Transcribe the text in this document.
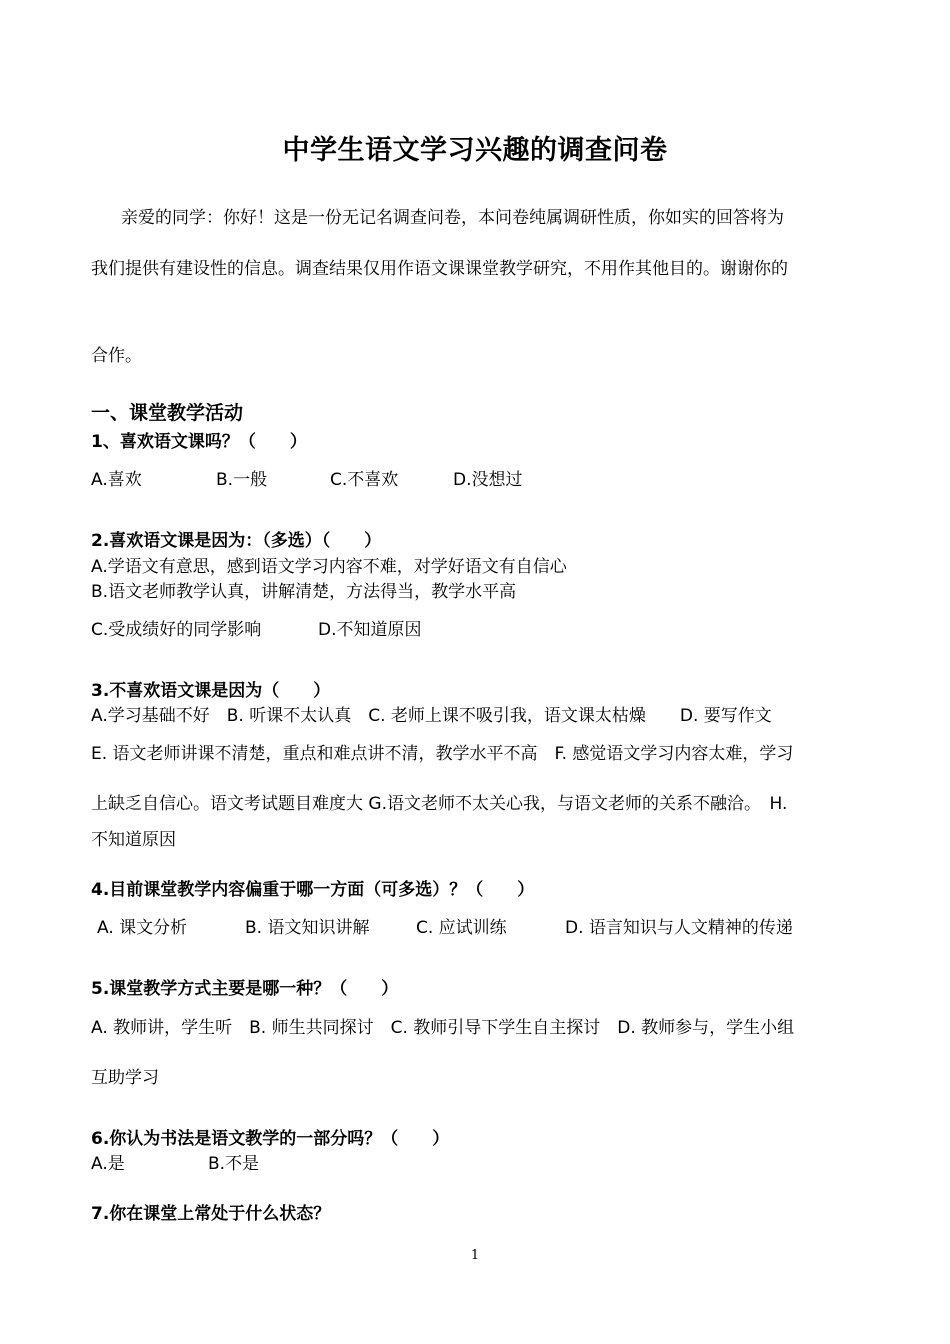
中学生语文学习兴趣的调查问卷
亲爱的同学：你好！这是一份无记名调查问卷，本问卷纯属调研性质，你如实的回答将为
我们提供有建设性的信息。调查结果仅用作语文课课堂教学研究，不用作其他目的。谢谢你的
合作。
一、课堂教学活动
1、喜欢语文课吗？（　　）
A.喜欢	B.一般	C.不喜欢	D.没想过
2.喜欢语文课是因为：（多选）（　　）
A.学语文有意思，感到语文学习内容不难，对学好语文有自信心
B.语文老师教学认真，讲解清楚，方法得当，教学水平高
C.受成绩好的同学影响	D.不知道原因
3.不喜欢语文课是因为（　　）
A.学习基础不好　B. 听课不太认真　C. 老师上课不吸引我，语文课太枯燥　　D. 要写作文
E. 语文老师讲课不清楚，重点和难点讲不清，教学水平不高　F. 感觉语文学习内容太难，学习
上缺乏自信心。语文考试题目难度大 G.语文老师不太关心我，与语文老师的关系不融洽。　H.
不知道原因
4.目前课堂教学内容偏重于哪一方面（可多选）？（　　）
A. 课文分析	B. 语文知识讲解	C. 应试训练	D. 语言知识与人文精神的传递
5.课堂教学方式主要是哪一种？（　　）
A. 教师讲，学生听　B. 师生共同探讨　C. 教师引导下学生自主探讨　D. 教师参与，学生小组
互助学习
6.你认为书法是语文教学的一部分吗？（　　）
A.是	B.不是
7.你在课堂上常处于什么状态？
1
